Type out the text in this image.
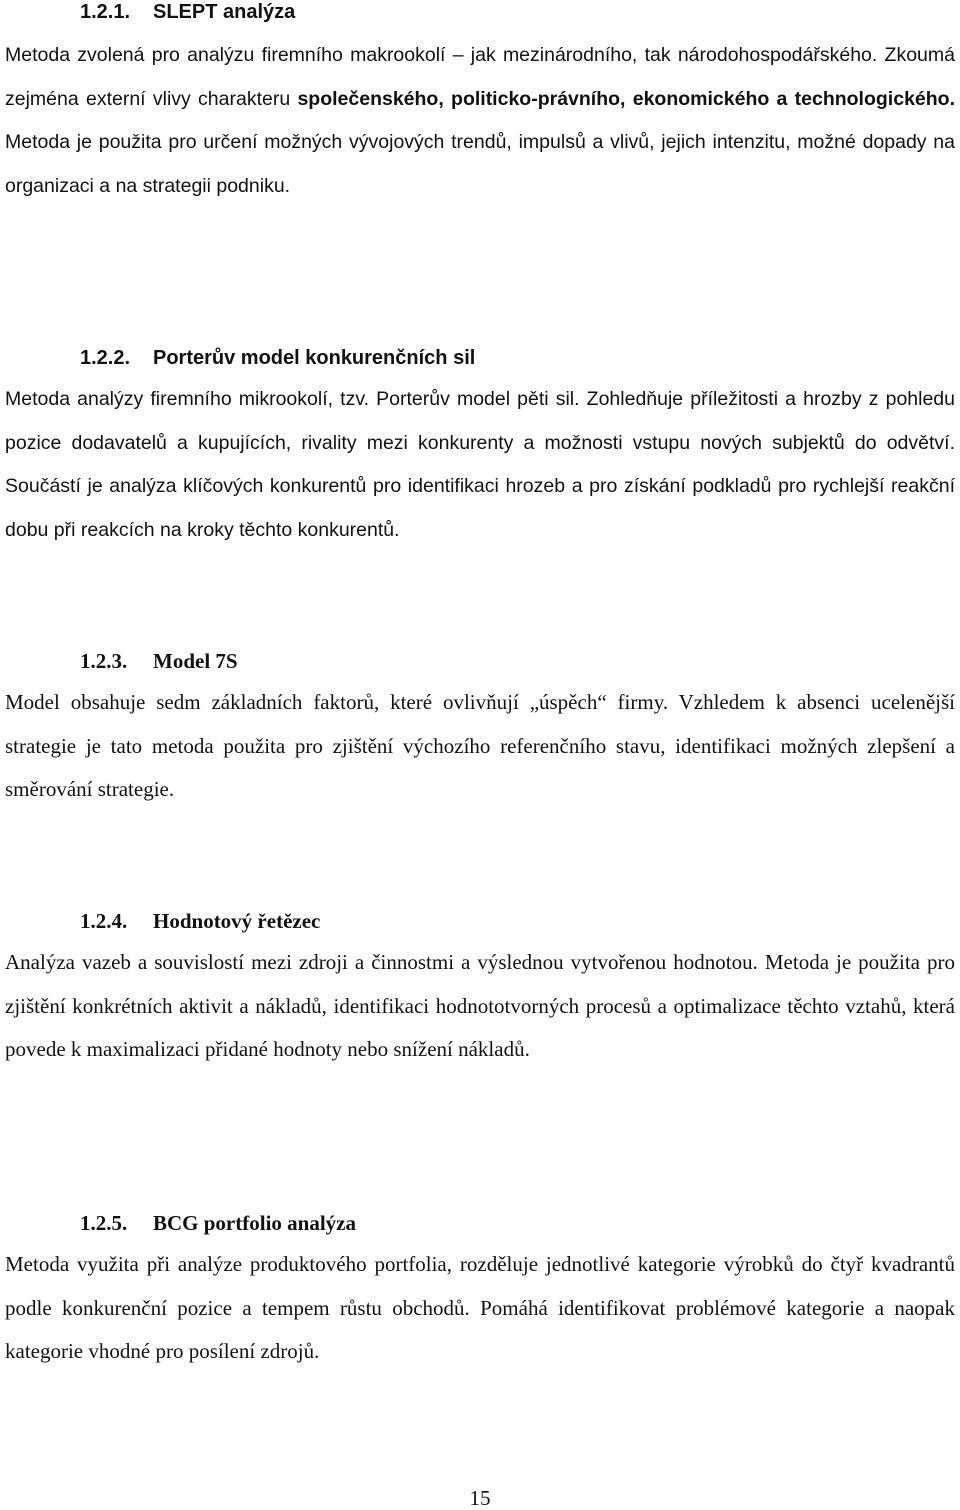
1.2.1.	SLEPT analýza

Metoda zvolená pro analýzu firemního makrookolí – jak mezinárodního, tak národohospodářského. Zkoumá zejména externí vlivy charakteru společenského, politicko-právního, ekonomického a technologického. Metoda je použita pro určení možných vývojových trendů, impulsů a vlivů, jejich intenzitu, možné dopady na organizaci a na strategii podniku.

1.2.2.	Porterův model konkurenčních sil

Metoda analýzy firemního mikrookolí, tzv. Porterův model pěti sil. Zohledňuje příležitosti a hrozby z pohledu pozice dodavatelů a kupujících, rivality mezi konkurenty a možnosti vstupu nových subjektů do odvětví. Součástí je analýza klíčových konkurentů pro identifikaci hrozeb a pro získání podkladů pro rychlejší reakční dobu při reakcích na kroky těchto konkurentů.

1.2.3.	Model 7S

Model obsahuje sedm základních faktorů, které ovlivňují „úspěch“ firmy. Vzhledem k absenci ucelenější strategie je tato metoda použita pro zjištění výchozího referenčního stavu, identifikaci možných zlepšení a směrování strategie.

1.2.4.	Hodnotový řetězec

Analýza vazeb a souvislostí mezi zdroji a činnostmi a výslednou vytvořenou hodnotou. Metoda je použita pro zjištění konkrétních aktivit a nákladů, identifikaci hodnototvorných procesů a optimalizace těchto vztahů, která povede k maximalizaci přidané hodnoty nebo snížení nákladů.

1.2.5.	BCG portfolio analýza

Metoda využita při analýze produktového portfolia, rozděluje jednotlivé kategorie výrobků do čtyř kvadrantů podle konkurenční pozice a tempem růstu obchodů. Pomáhá identifikovat problémové kategorie a naopak kategorie vhodné pro posílení zdrojů.

15
